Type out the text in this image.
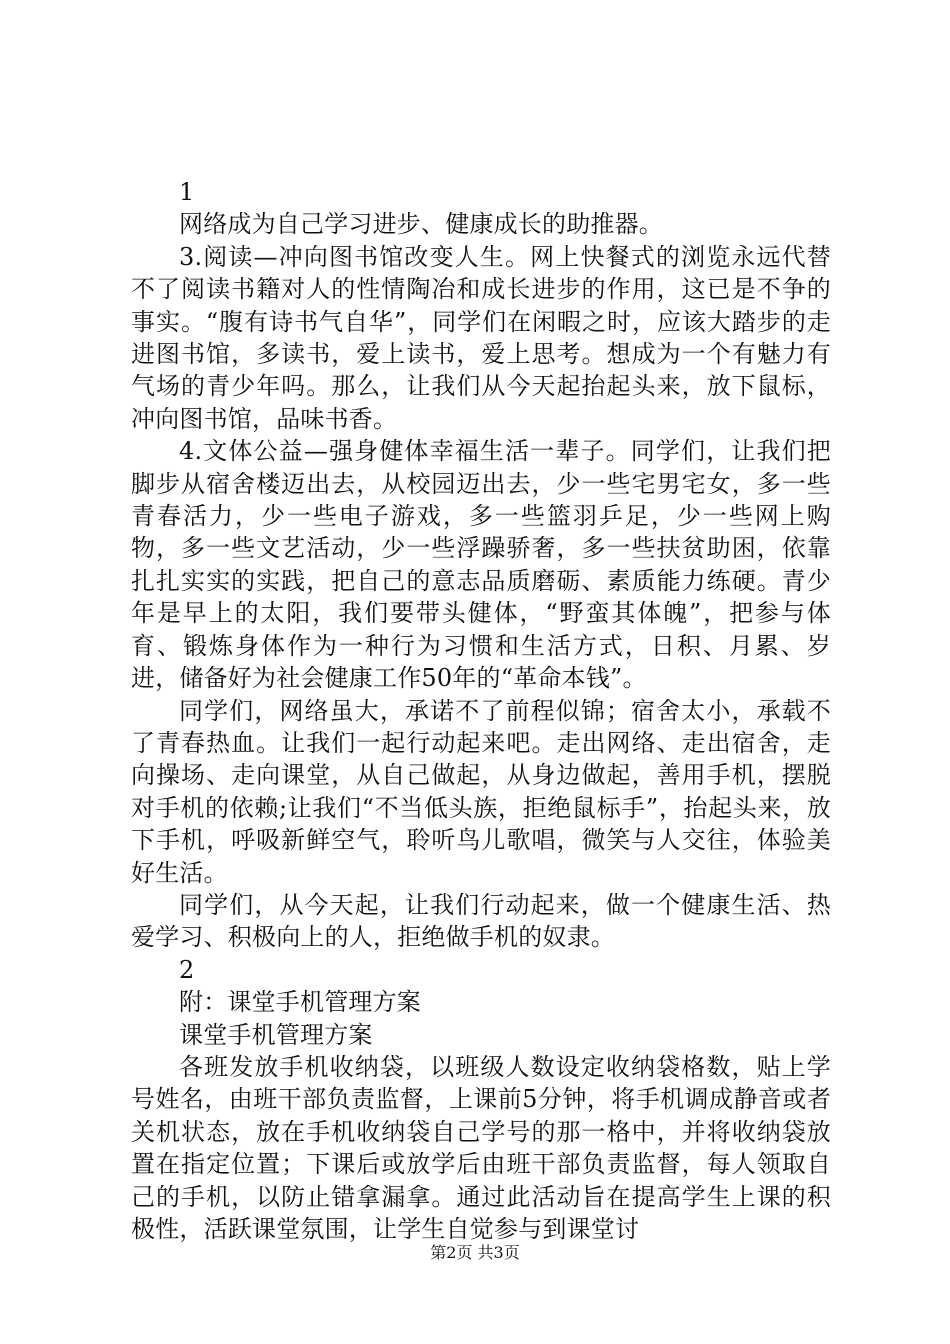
1

网络成为自己学习进步、健康成长的助推器。

3.阅读—冲向图书馆改变人生。网上快餐式的浏览永远代替不了阅读书籍对人的性情陶冶和成长进步的作用，这已是不争的事实。“腹有诗书气自华”，同学们在闲暇之时，应该大踏步的走进图书馆，多读书，爱上读书，爱上思考。想成为一个有魅力有气场的青少年吗。那么，让我们从今天起抬起头来，放下鼠标，冲向图书馆，品味书香。

4.文体公益—强身健体幸福生活一辈子。同学们，让我们把脚步从宿舍楼迈出去，从校园迈出去，少一些宅男宅女，多一些青春活力，少一些电子游戏，多一些篮羽乒足，少一些网上购物，多一些文艺活动，少一些浮躁骄奢，多一些扶贫助困，依靠扎扎实实的实践，把自己的意志品质磨砺、素质能力练硬。青少年是早上的太阳，我们要带头健体，“野蛮其体魄”，把参与体育、锻炼身体作为一种行为习惯和生活方式，日积、月累、岁进，储备好为社会健康工作50年的“革命本钱”。

同学们，网络虽大，承诺不了前程似锦；宿舍太小，承载不了青春热血。让我们一起行动起来吧。走出网络、走出宿舍，走向操场、走向课堂，从自己做起，从身边做起，善用手机，摆脱对手机的依赖;让我们“不当低头族，拒绝鼠标手”，抬起头来，放下手机，呼吸新鲜空气，聆听鸟儿歌唱，微笑与人交往，体验美好生活。

同学们，从今天起，让我们行动起来，做一个健康生活、热爱学习、积极向上的人，拒绝做手机的奴隶。

2

附：课堂手机管理方案

课堂手机管理方案

各班发放手机收纳袋，以班级人数设定收纳袋格数，贴上学号姓名，由班干部负责监督，上课前5分钟，将手机调成静音或者关机状态，放在手机收纳袋自己学号的那一格中，并将收纳袋放置在指定位置；下课后或放学后由班干部负责监督，每人领取自己的手机，以防止错拿漏拿。通过此活动旨在提高学生上课的积极性，活跃课堂氛围，让学生自觉参与到课堂讨

第2页 共3页
